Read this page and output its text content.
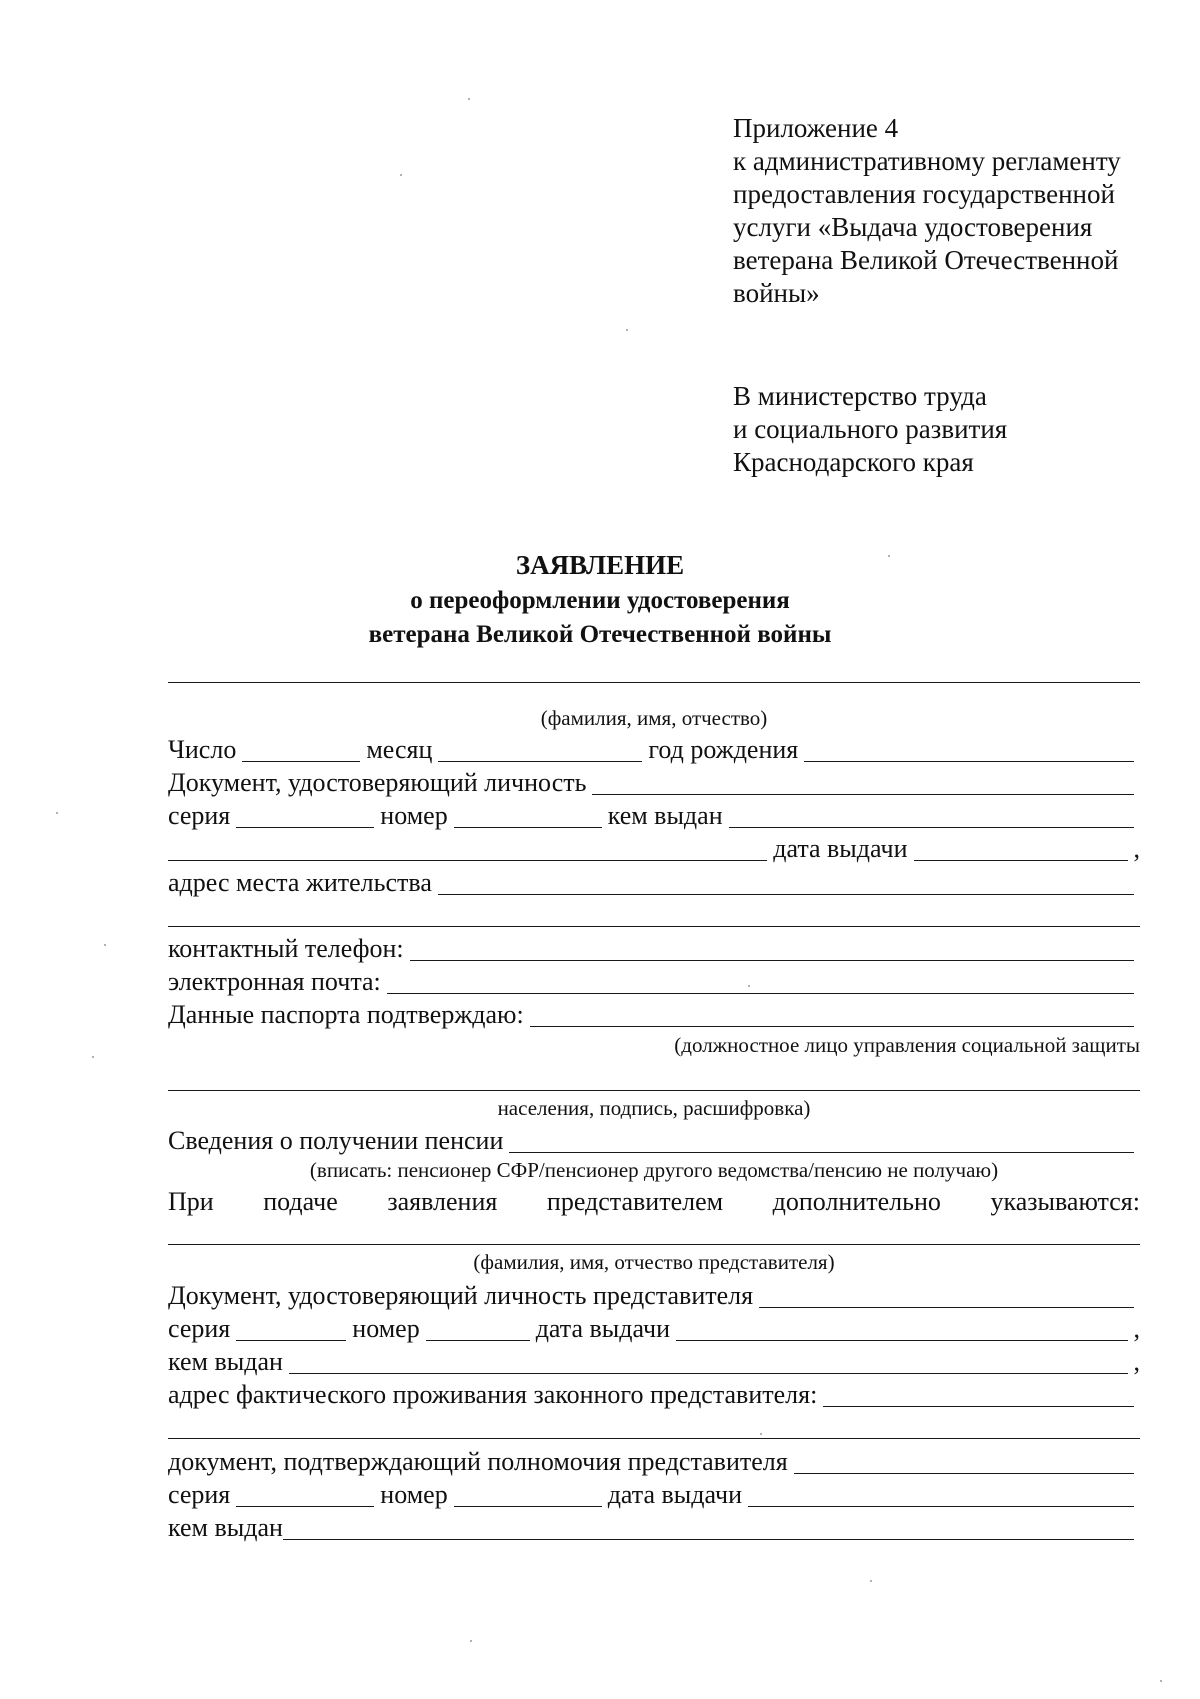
Приложение 4
к административному регламенту
предоставления государственной
услуги «Выдача удостоверения
ветерана Великой Отечественной
войны»
В министерство труда
и социального развития
Краснодарского края
ЗАЯВЛЕНИЕ
о переоформлении удостоверения
ветерана Великой Отечественной войны
(фамилия, имя, отчество)
Число	месяц	год рождения
Документ, удостоверяющий личность
серия	номер	кем выдан
дата выдачи	,
адрес места жительства
контактный телефон:
электронная почта:
Данные паспорта подтверждаю:
(должностное лицо управления социальной защиты
населения, подпись, расшифровка)
Сведения о получении пенсии
(вписать: пенсионер СФР/пенсионер другого ведомства/пенсию не получаю)
При подаче заявления представителем дополнительно указываются:
(фамилия, имя, отчество представителя)
Документ, удостоверяющий личность представителя
серия	номер	дата выдачи	,
кем выдан	,
адрес фактического проживания законного представителя:
документ, подтверждающий полномочия представителя
серия	номер	дата выдачи
кем выдан
